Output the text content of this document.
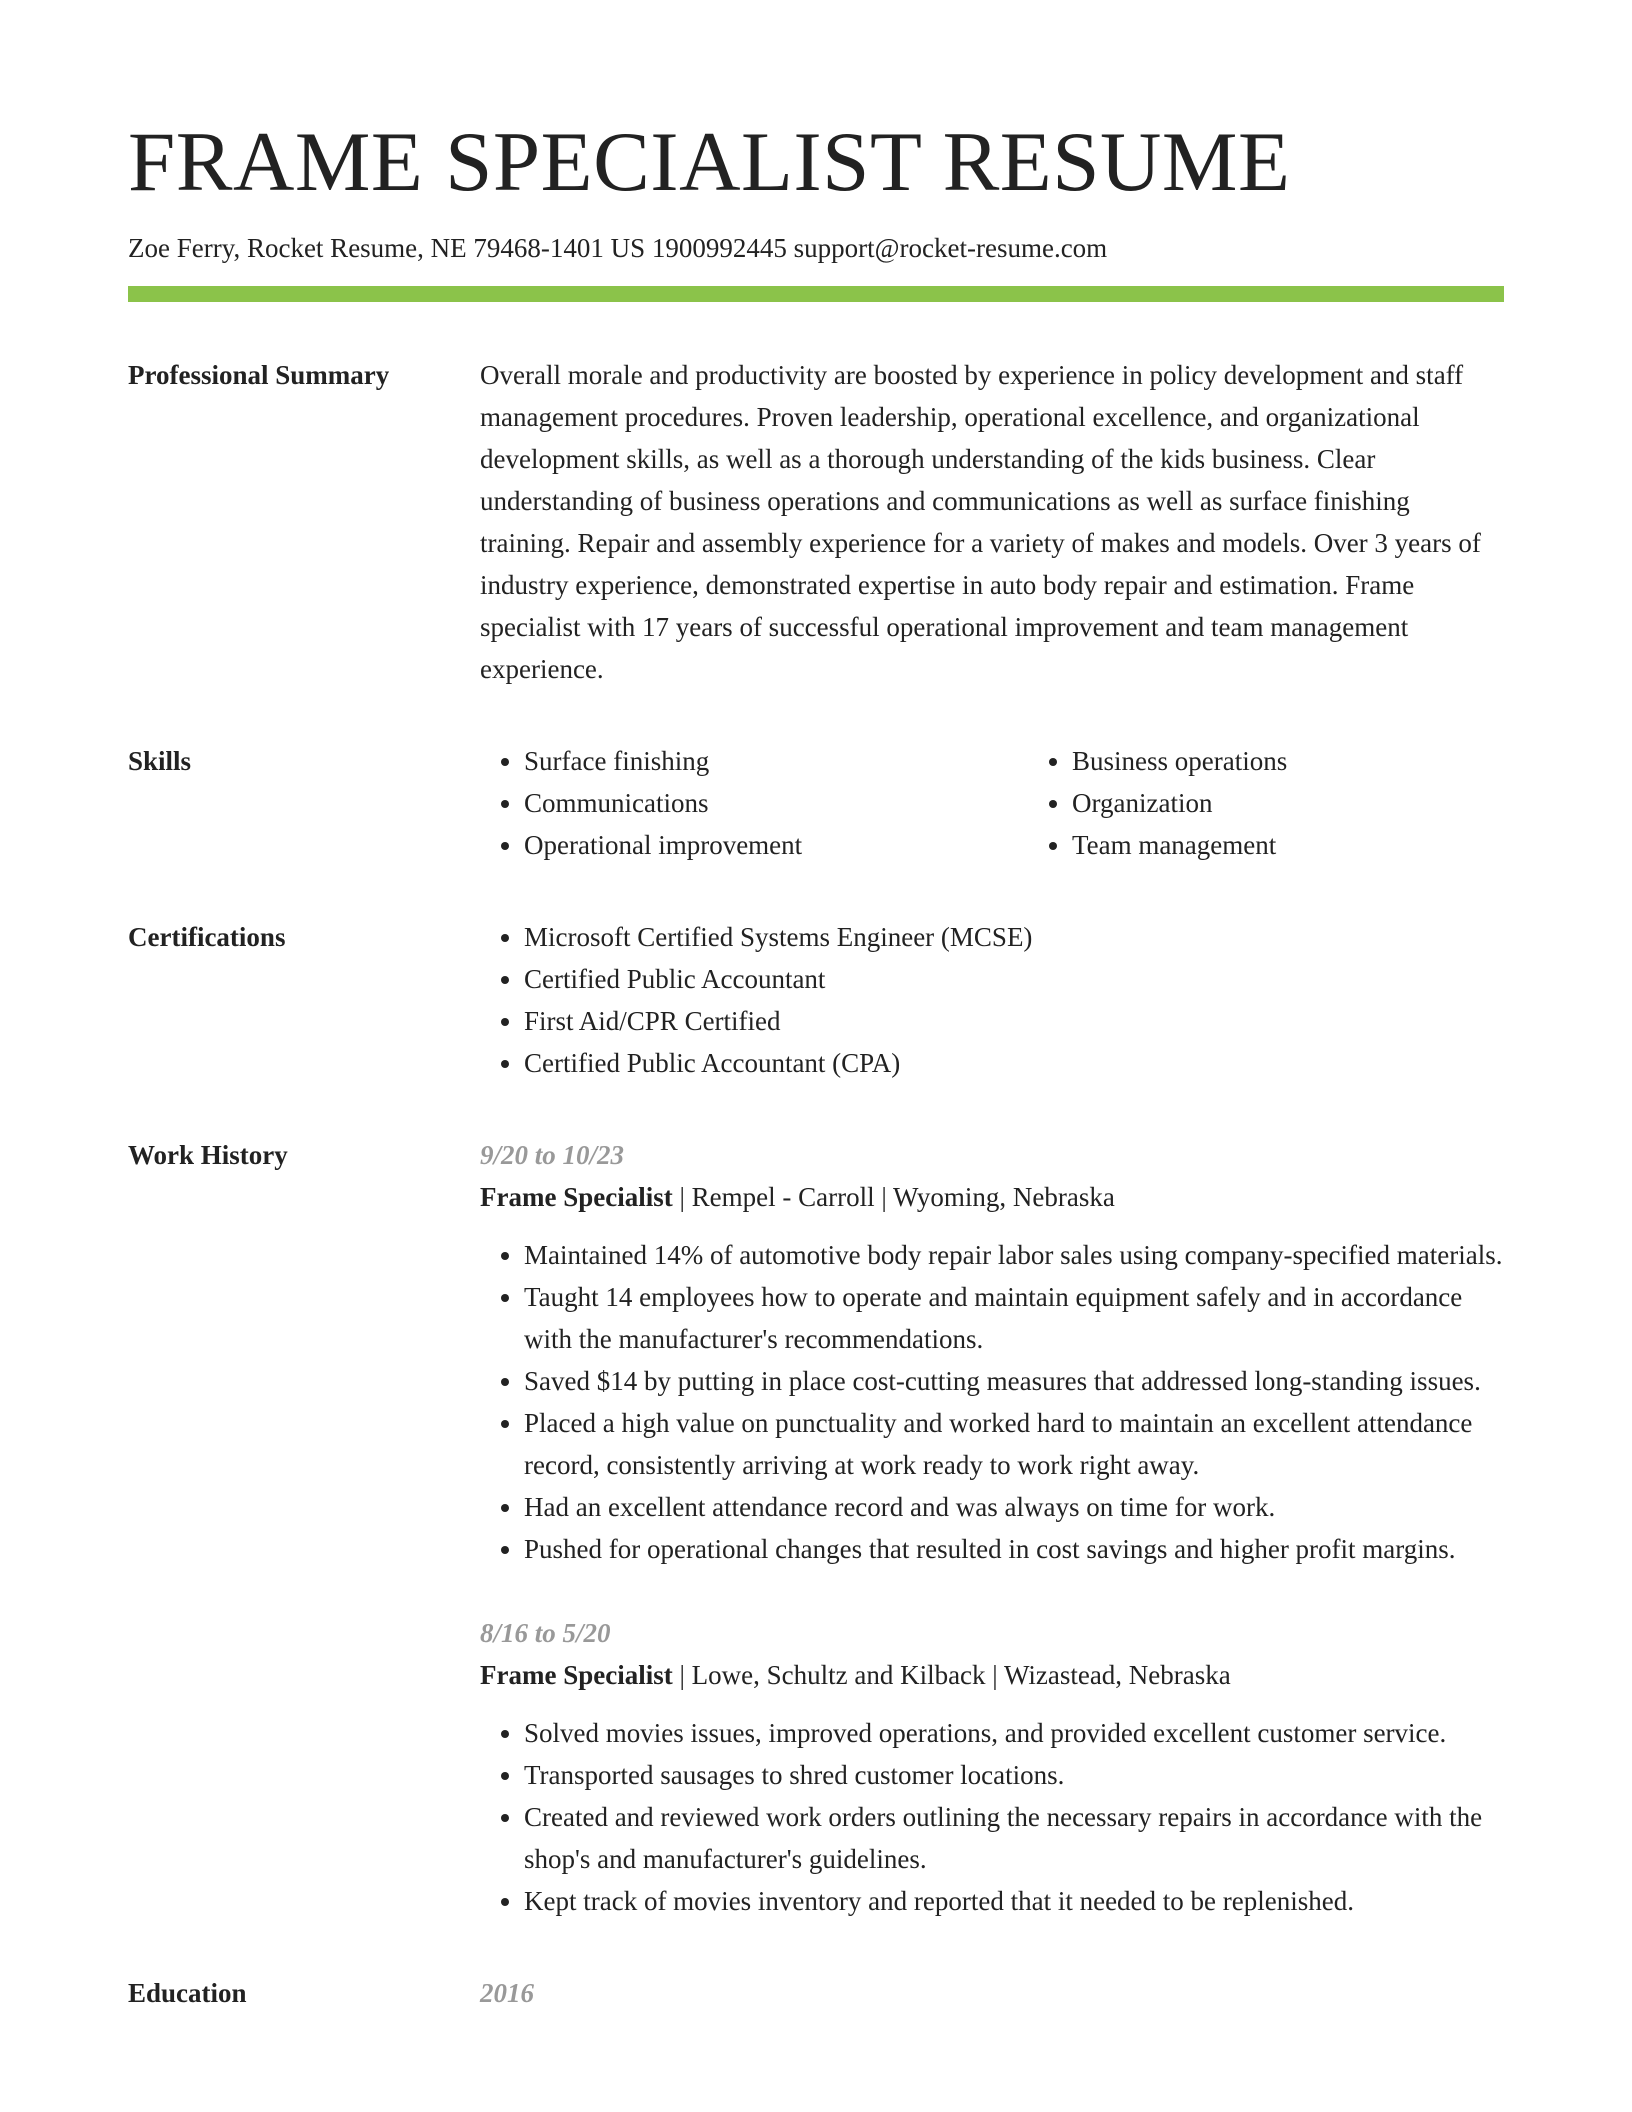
FRAME SPECIALIST RESUME
Zoe Ferry, Rocket Resume, NE 79468-1401 US 1900992445 support@rocket-resume.com
Professional Summary	Overall morale and productivity are boosted by experience in policy development and staff management procedures. Proven leadership, operational excellence, and organizational development skills, as well as a thorough understanding of the kids business. Clear understanding of business operations and communications as well as surface finishing training. Repair and assembly experience for a variety of makes and models. Over 3 years of industry experience, demonstrated expertise in auto body repair and estimation. Frame specialist with 17 years of successful operational improvement and team management experience.
Skills	• Surface finishing
• Communications
• Operational improvement
• Business operations
• Organization
• Team management
Certifications	• Microsoft Certified Systems Engineer (MCSE)
• Certified Public Accountant
• First Aid/CPR Certified
• Certified Public Accountant (CPA)
Work History	9/20 to 10/23
Frame Specialist | Rempel - Carroll | Wyoming, Nebraska
• Maintained 14% of automotive body repair labor sales using company-specified materials.
• Taught 14 employees how to operate and maintain equipment safely and in accordance with the manufacturer's recommendations.
• Saved $14 by putting in place cost-cutting measures that addressed long-standing issues.
• Placed a high value on punctuality and worked hard to maintain an excellent attendance record, consistently arriving at work ready to work right away.
• Had an excellent attendance record and was always on time for work.
• Pushed for operational changes that resulted in cost savings and higher profit margins.
8/16 to 5/20
Frame Specialist | Lowe, Schultz and Kilback | Wizastead, Nebraska
• Solved movies issues, improved operations, and provided excellent customer service.
• Transported sausages to shred customer locations.
• Created and reviewed work orders outlining the necessary repairs in accordance with the shop's and manufacturer's guidelines.
• Kept track of movies inventory and reported that it needed to be replenished.
Education	2016
